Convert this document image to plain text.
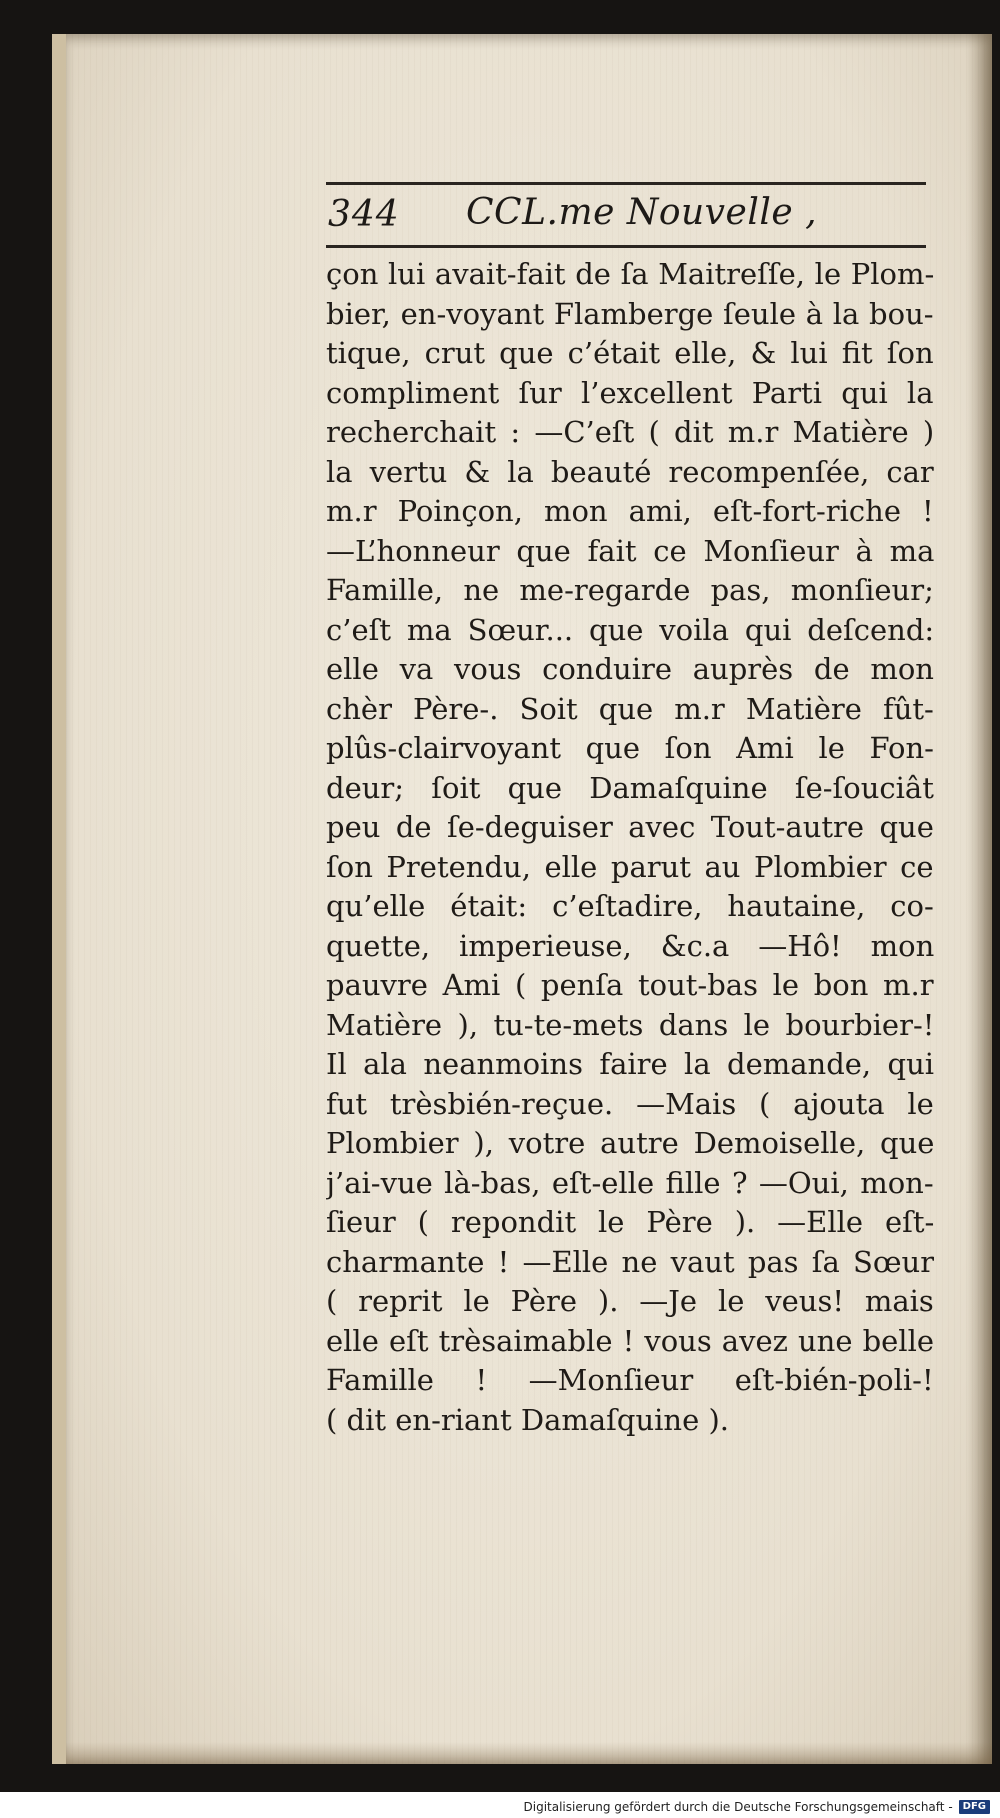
344 CCL.me Nouvelle ,
çon lui avait-fait de ſa Maitreſſe, le Plom-
bier, en-voyant Flamberge ſeule à la bou-
tique, crut que c’était elle, & lui fit ſon
compliment ſur l’excellent Parti qui la
recherchait : —C’eſt ( dit m.r Matière )
la vertu & la beauté recompenſée, car
m.r Poinçon, mon ami, eſt-fort-riche !
—L’honneur que fait ce Monſieur à ma
Famille, ne me-regarde pas, monſieur;
c’eſt ma Sœur... que voila qui deſcend:
elle va vous conduire auprès de mon
chèr Père-. Soit que m.r Matière fût-
plûs-clairvoyant que ſon Ami le Fon-
deur; ſoit que Damaſquine ſe-ſouciât
peu de ſe-deguiser avec Tout-autre que
ſon Pretendu, elle parut au Plombier ce
qu’elle était: c’eſtadire, hautaine, co-
quette, imperieuse, &c.a —Hô! mon
pauvre Ami ( penſa tout-bas le bon m.r
Matière ), tu-te-mets dans le bourbier-!
Il ala neanmoins faire la demande, qui
fut trèsbién-reçue. —Mais ( ajouta le
Plombier ), votre autre Demoiselle, que
j’ai-vue là-bas, eſt-elle fille ? —Oui, mon-
ſieur ( repondit le Père ). —Elle eſt-
charmante ! —Elle ne vaut pas ſa Sœur
( reprit le Père ). —Je le veus! mais
elle eſt trèsaimable ! vous avez une belle
Famille ! —Monſieur eſt-bién-poli-!
( dit en-riant Damaſquine ).
Digitalisierung gefördert durch die Deutsche Forschungsgemeinschaft -	DFG
